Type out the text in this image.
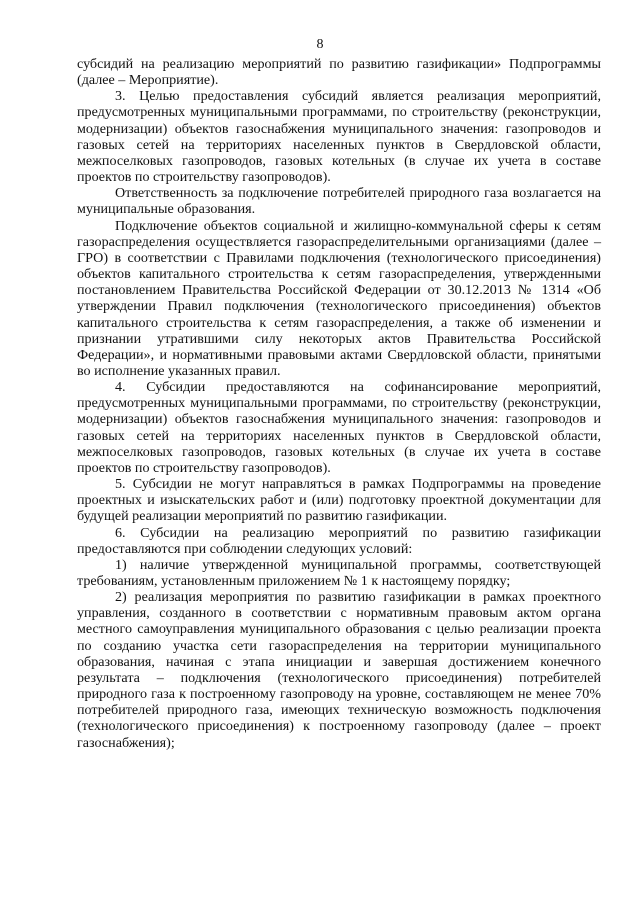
8

субсидий на реализацию мероприятий по развитию газификации» Подпрограммы (далее – Мероприятие).

3. Целью предоставления субсидий является реализация мероприятий, предусмотренных муниципальными программами, по строительству (реконструкции, модернизации) объектов газоснабжения муниципального значения: газопроводов и газовых сетей на территориях населенных пунктов в Свердловской области, межпоселковых газопроводов, газовых котельных (в случае их учета в составе проектов по строительству газопроводов).

Ответственность за подключение потребителей природного газа возлагается на муниципальные образования.

Подключение объектов социальной и жилищно-коммунальной сферы к сетям газораспределения осуществляется газораспределительными организациями (далее – ГРО) в соответствии с Правилами подключения (технологического присоединения) объектов капитального строительства к сетям газораспределения, утвержденными постановлением Правительства Российской Федерации от 30.12.2013 № 1314 «Об утверждении Правил подключения (технологического присоединения) объектов капитального строительства к сетям газораспределения, а также об изменении и признании утратившими силу некоторых актов Правительства Российской Федерации», и нормативными правовыми актами Свердловской области, принятыми во исполнение указанных правил.

4. Субсидии предоставляются на софинансирование мероприятий, предусмотренных муниципальными программами, по строительству (реконструкции, модернизации) объектов газоснабжения муниципального значения: газопроводов и газовых сетей на территориях населенных пунктов в Свердловской области, межпоселковых газопроводов, газовых котельных (в случае их учета в составе проектов по строительству газопроводов).

5. Субсидии не могут направляться в рамках Подпрограммы на проведение проектных и изыскательских работ и (или) подготовку проектной документации для будущей реализации мероприятий по развитию газификации.

6. Субсидии на реализацию мероприятий по развитию газификации предоставляются при соблюдении следующих условий:

1) наличие утвержденной муниципальной программы, соответствующей требованиям, установленным приложением № 1 к настоящему порядку;

2) реализация мероприятия по развитию газификации в рамках проектного управления, созданного в соответствии с нормативным правовым актом органа местного самоуправления муниципального образования с целью реализации проекта по созданию участка сети газораспределения на территории муниципального образования, начиная с этапа инициации и завершая достижением конечного результата – подключения (технологического присоединения) потребителей природного газа к построенному газопроводу на уровне, составляющем не менее 70% потребителей природного газа, имеющих техническую возможность подключения (технологического присоединения) к построенному газопроводу (далее – проект газоснабжения);
